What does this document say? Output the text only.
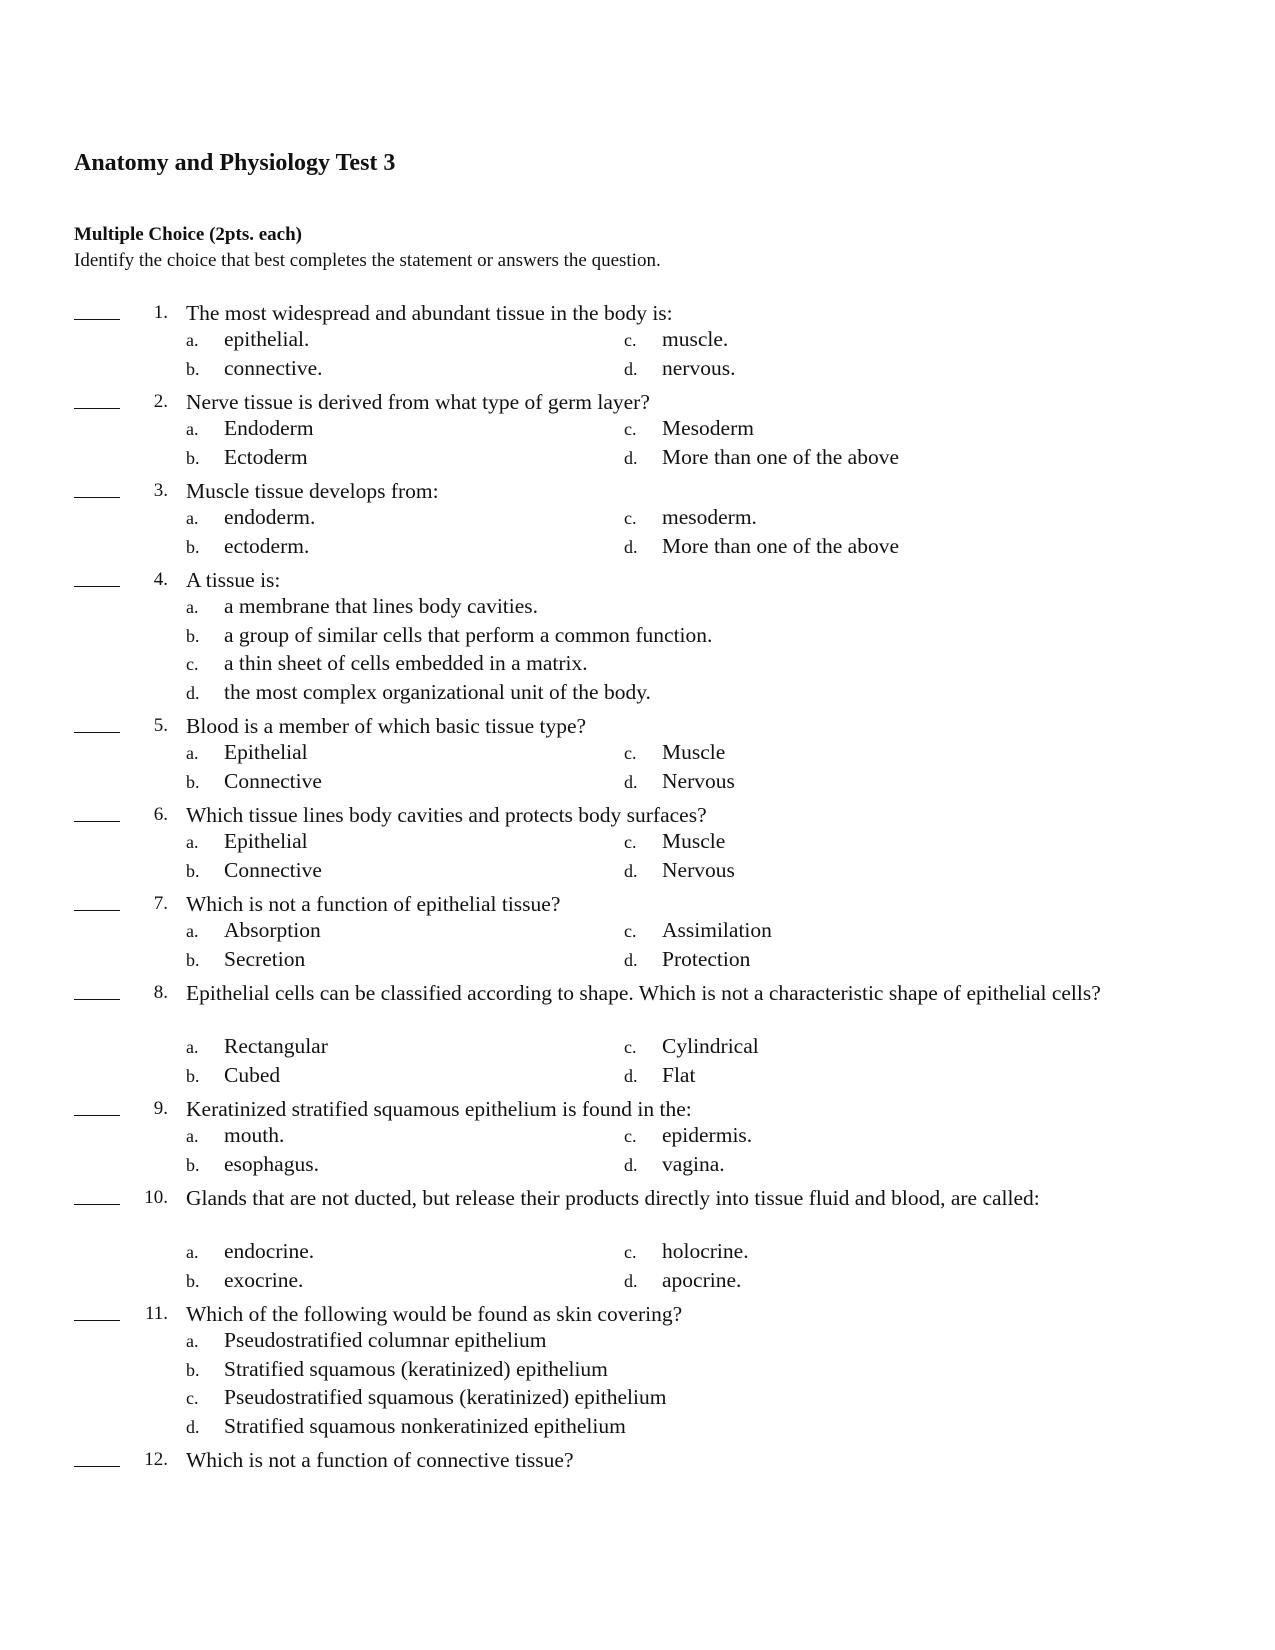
Anatomy and Physiology Test 3
Multiple Choice (2pts. each)
Identify the choice that best completes the statement or answers the question.
1. The most widespread and abundant tissue in the body is:
a. epithelial.	c. muscle.
b. connective.	d. nervous.
2. Nerve tissue is derived from what type of germ layer?
a. Endoderm	c. Mesoderm
b. Ectoderm	d. More than one of the above
3. Muscle tissue develops from:
a. endoderm.	c. mesoderm.
b. ectoderm.	d. More than one of the above
4. A tissue is:
a. a membrane that lines body cavities.
b. a group of similar cells that perform a common function.
c. a thin sheet of cells embedded in a matrix.
d. the most complex organizational unit of the body.
5. Blood is a member of which basic tissue type?
a. Epithelial	c. Muscle
b. Connective	d. Nervous
6. Which tissue lines body cavities and protects body surfaces?
a. Epithelial	c. Muscle
b. Connective	d. Nervous
7. Which is not a function of epithelial tissue?
a. Absorption	c. Assimilation
b. Secretion	d. Protection
8. Epithelial cells can be classified according to shape. Which is not a characteristic shape of epithelial cells?
a. Rectangular	c. Cylindrical
b. Cubed	d. Flat
9. Keratinized stratified squamous epithelium is found in the:
a. mouth.	c. epidermis.
b. esophagus.	d. vagina.
10. Glands that are not ducted, but release their products directly into tissue fluid and blood, are called:
a. endocrine.	c. holocrine.
b. exocrine.	d. apocrine.
11. Which of the following would be found as skin covering?
a. Pseudostratified columnar epithelium
b. Stratified squamous (keratinized) epithelium
c. Pseudostratified squamous (keratinized) epithelium
d. Stratified squamous nonkeratinized epithelium
12. Which is not a function of connective tissue?
